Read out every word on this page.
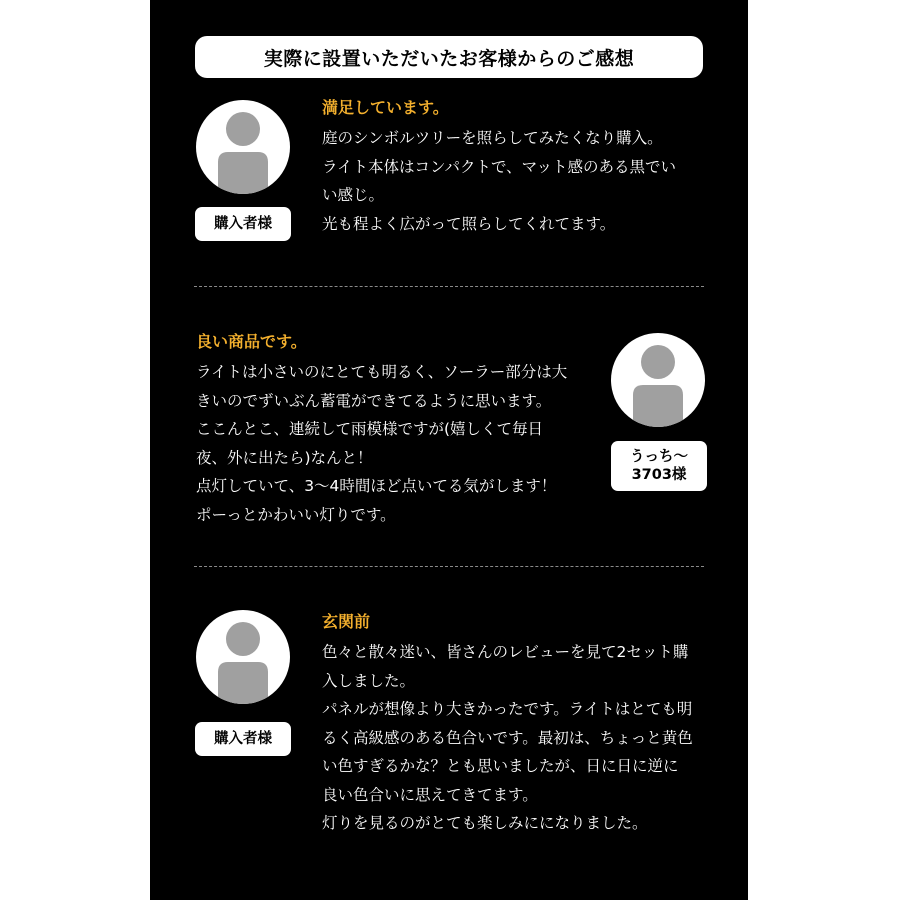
実際に設置いただいたお客様からのご感想
購入者様
満足しています。
庭のシンボルツリーを照らしてみたくなり購入。
ライト本体はコンパクトで、マット感のある黒でい
い感じ。
光も程よく広がって照らしてくれてます。
良い商品です。
ライトは小さいのにとても明るく、ソーラー部分は大
きいのでずいぶん蓄電ができてるように思います。
ここんとこ、連続して雨模様ですが(嬉しくて毎日
夜、外に出たら)なんと！
点灯していて、3〜4時間ほど点いてる気がします！
ポーっとかわいい灯りです。
うっち〜
3703様
購入者様
玄関前
色々と散々迷い、皆さんのレビューを見て2セット購
入しました。
パネルが想像より大きかったです。ライトはとても明
るく高級感のある色合いです。最初は、ちょっと黄色
い色すぎるかな？とも思いましたが、日に日に逆に
良い色合いに思えてきてます。
灯りを見るのがとても楽しみにになりました。
